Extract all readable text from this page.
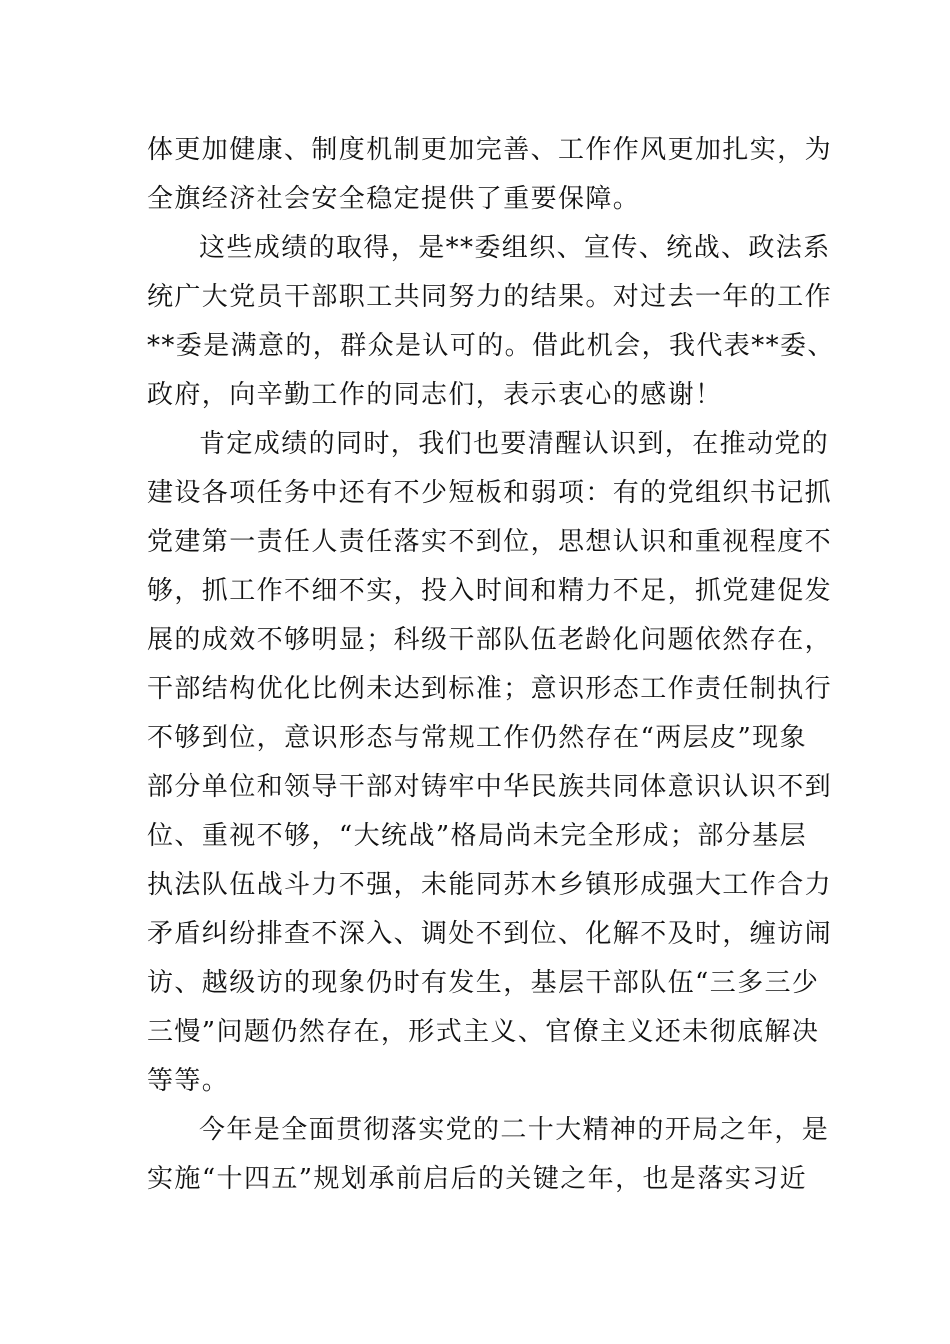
体更加健康、制度机制更加完善、工作作风更加扎实，为
全旗经济社会安全稳定提供了重要保障。
这些成绩的取得，是**委组织、宣传、统战、政法系
统广大党员干部职工共同努力的结果。对过去一年的工作
**委是满意的，群众是认可的。借此机会，我代表**委、
政府，向辛勤工作的同志们，表示衷心的感谢！
肯定成绩的同时，我们也要清醒认识到，在推动党的
建设各项任务中还有不少短板和弱项：有的党组织书记抓
党建第一责任人责任落实不到位，思想认识和重视程度不
够，抓工作不细不实，投入时间和精力不足，抓党建促发
展的成效不够明显；科级干部队伍老龄化问题依然存在，
干部结构优化比例未达到标准；意识形态工作责任制执行
不够到位，意识形态与常规工作仍然存在“两层皮”现象
部分单位和领导干部对铸牢中华民族共同体意识认识不到
位、重视不够，“大统战”格局尚未完全形成；部分基层
执法队伍战斗力不强，未能同苏木乡镇形成强大工作合力
矛盾纠纷排查不深入、调处不到位、化解不及时，缠访闹
访、越级访的现象仍时有发生，基层干部队伍“三多三少
三慢”问题仍然存在，形式主义、官僚主义还未彻底解决
等等。
今年是全面贯彻落实党的二十大精神的开局之年，是
实施“十四五”规划承前启后的关键之年，也是落实习近
